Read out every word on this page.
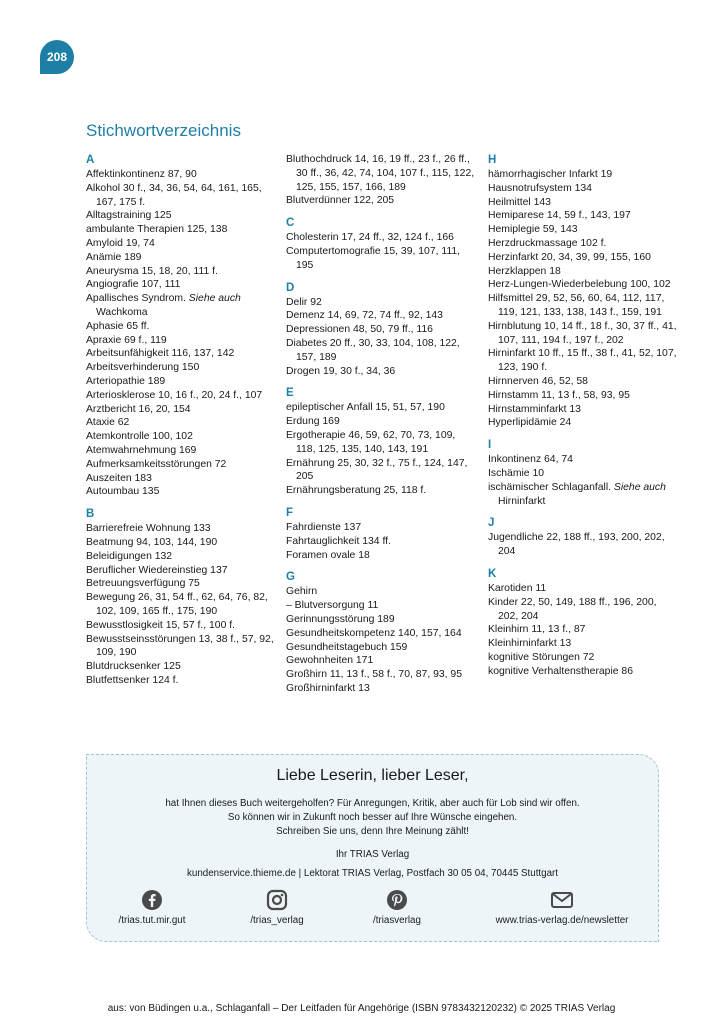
208
Stichwortverzeichnis
A
Affektinkontinenz 87, 90
Alkohol 30 f., 34, 36, 54, 64, 161, 165, 167, 175 f.
Alltagstraining 125
ambulante Therapien 125, 138
Amyloid 19, 74
Anämie 189
Aneurysma 15, 18, 20, 111 f.
Angiografie 107, 111
Apallisches Syndrom. Siehe auch Wachkoma
Aphasie 65 ff.
Apraxie 69 f., 119
Arbeitsunfähigkeit 116, 137, 142
Arbeitsverhinderung 150
Arteriopathie 189
Arteriosklerose 10, 16 f., 20, 24 f., 107
Arztbericht 16, 20, 154
Ataxie 62
Atemkontrolle 100, 102
Atemwahrnehmung 169
Aufmerksamkeitsstörungen 72
Auszeiten 183
Autoumbau 135
B
Barrierefreie Wohnung 133
Beatmung 94, 103, 144, 190
Beleidigungen 132
Beruflicher Wiedereinstieg 137
Betreuungsverfügung 75
Bewegung 26, 31, 54 ff., 62, 64, 76, 82, 102, 109, 165 ff., 175, 190
Bewusstlosigkeit 15, 57 f., 100 f.
Bewusstseinsstörungen 13, 38 f., 57, 92, 109, 190
Blutdrucksenker 125
Blutfettsenker 124 f.
Bluthochdruck 14, 16, 19 ff., 23 f., 26 ff., 30 ff., 36, 42, 74, 104, 107 f., 115, 122, 125, 155, 157, 166, 189
Blutverdünner 122, 205
C
Cholesterin 17, 24 ff., 32, 124 f., 166
Computertomografie 15, 39, 107, 111, 195
D
Delir 92
Demenz 14, 69, 72, 74 ff., 92, 143
Depressionen 48, 50, 79 ff., 116
Diabetes 20 ff., 30, 33, 104, 108, 122, 157, 189
Drogen 19, 30 f., 34, 36
E
epileptischer Anfall 15, 51, 57, 190
Erdung 169
Ergotherapie 46, 59, 62, 70, 73, 109, 118, 125, 135, 140, 143, 191
Ernährung 25, 30, 32 f., 75 f., 124, 147, 205
Ernährungsberatung 25, 118 f.
F
Fahrdienste 137
Fahrtauglichkeit 134 ff.
Foramen ovale 18
G
Gehirn
– Blutversorgung 11
Gerinnungsstörung 189
Gesundheitskompetenz 140, 157, 164
Gesundheitstagebuch 159
Gewohnheiten 171
Großhirn 11, 13 f., 58 f., 70, 87, 93, 95
Großhirninfarkt 13
H
hämorrhagischer Infarkt 19
Hausnotrufsystem 134
Heilmittel 143
Hemiparese 14, 59 f., 143, 197
Hemiplegie 59, 143
Herzdruckmassage 102 f.
Herzinfarkt 20, 34, 39, 99, 155, 160
Herzklappen 18
Herz-Lungen-Wiederbelebung 100, 102
Hilfsmittel 29, 52, 56, 60, 64, 112, 117, 119, 121, 133, 138, 143 f., 159, 191
Hirnblutung 10, 14 ff., 18 f., 30, 37 ff., 41, 107, 111, 194 f., 197 f., 202
Hirninfarkt 10 ff., 15 ff., 38 f., 41, 52, 107, 123, 190 f.
Hirnnerven 46, 52, 58
Hirnstamm 11, 13 f., 58, 93, 95
Hirnstamminfarkt 13
Hyperlipidämie 24
I
Inkontinenz 64, 74
Ischämie 10
ischämischer Schlaganfall. Siehe auch Hirninfarkt
J
Jugendliche 22, 188 ff., 193, 200, 202, 204
K
Karotiden 11
Kinder 22, 50, 149, 188 ff., 196, 200, 202, 204
Kleinhirn 11, 13 f., 87
Kleinhirninfarkt 13
kognitive Störungen 72
kognitive Verhaltenstherapie 86
Liebe Leserin, lieber Leser,
hat Ihnen dieses Buch weitergeholfen? Für Anregungen, Kritik, aber auch für Lob sind wir offen.
So können wir in Zukunft noch besser auf Ihre Wünsche eingehen.
Schreiben Sie uns, denn Ihre Meinung zählt!
Ihr TRIAS Verlag
kundenservice.thieme.de | Lektorat TRIAS Verlag, Postfach 30 05 04, 70445 Stuttgart
/trias.tut.mir.gut	/trias_verlag	/triasverlag	www.trias-verlag.de/newsletter
aus: von Büdingen u.a., Schlaganfall – Der Leitfaden für Angehörige (ISBN 9783432120232) © 2025 TRIAS Verlag
